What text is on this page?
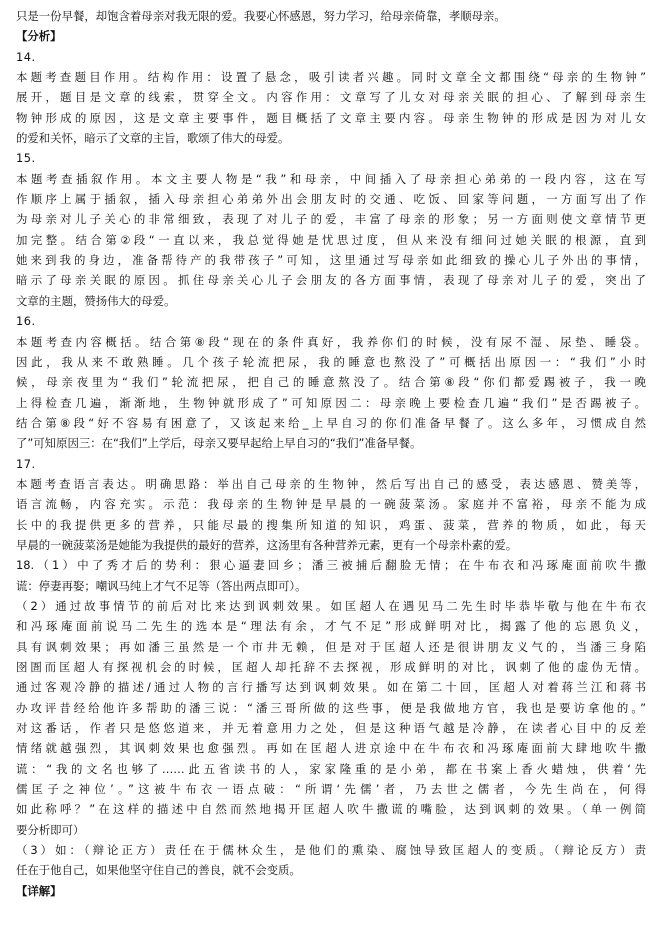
只是一份早餐，却饱含着母亲对我无限的爱。我要心怀感恩，努力学习，给母亲倚靠，孝顺母亲。

【分析】

14.

本题考查题目作用。结构作用：设置了悬念，吸引读者兴趣。同时文章全文都围绕“母亲的生物钟”

展开，题目是文章的线索，贯穿全文。内容作用：文章写了儿女对母亲关眠的担心、了解到母亲生

物钟形成的原因，这是文章主要事件，题目概括了文章主要内容。母亲生物钟的形成是因为对儿女

的爱和关怀，暗示了文章的主旨，歌颂了伟大的母爱。

15.

本题考查插叙作用。本文主要人物是“我”和母亲，中间插入了母亲担心弟弟的一段内容，这在写

作顺序上属于插叙，插入母亲担心弟弟外出会朋友时的交通、吃饭、回家等问题，一方面写出了作

为母亲对儿子关心的非常细致，表现了对儿子的爱，丰富了母亲的形象；另一方面则使文章情节更

加完整。结合第②段“一直以来，我总觉得她是忧思过度，但从来没有细问过她关眠的根源，直到

她来到我的身边，准备帮待产的我带孩子”可知，这里通过写母亲如此细致的操心儿子外出的事情，

暗示了母亲关眠的原因。抓住母亲关心儿子会朋友的各方面事情，表现了母亲对儿子的爱，突出了

文章的主题，赞扬伟大的母爱。

16.

本题考查内容概括。结合第⑧段“现在的条件真好，我养你们的时候，没有尿不湿、尿垫、睡袋。

因此，我从来不敢熟睡。几个孩子轮流把尿，我的睡意也熬没了”可概括出原因一：“我们”小时

候，母亲夜里为“我们”轮流把尿，把自己的睡意熬没了。结合第⑧段“你们都爱踢被子，我一晚

上得检查几遍，渐渐地，生物钟就形成了”可知原因二：母亲晚上要检查几遍“我们”是否踢被子。

结合第⑧段“好不容易有困意了，又该起来给_上早自习的你们准备早餐了。这么多年，习惯成自然

了”可知原因三：在“我们”上学后，母亲又要早起给上早自习的“我们”准备早餐。

17.

本题考查语言表达。明确思路：举出自己母亲的生物钟，然后写出自己的感受，表达感恩、赞美等，

语言流畅，内容充实。示范：我母亲的生物钟是早晨的一碗菠菜汤。家庭并不富裕，母亲不能为成

长中的我提供更多的营养，只能尽最的搜集所知道的知识，鸡蛋、菠菜，营养的物质，如此，每天

早晨的一碗菠菜汤是她能为我提供的最好的营养，这汤里有各种营养元素，更有一个母亲朴素的爱。

18.（1）中了秀才后的势利：狠心逼妻回乡；潘三被捕后翻脸无情；在牛布衣和冯琢庵面前吹牛撒

谎：停妻再娶；嘲讽马纯上才气不足等（答出两点即可）。

（2）通过故事情节的前后对比来达到讽刺效果。如匡超人在遇见马二先生时毕恭毕敬与他在牛布衣

和冯琢庵面前说马二先生的选本是“理法有余，才气不足”形成鲜明对比，揭露了他的忘恩负义，

具有讽刺效果；再如潘三虽然是一个市井无赖，但是对于匡超人还是很讲朋友义气的，当潘三身陷

囹圄而匡超人有探视机会的时候，匡超人却托辞不去探视，形成鲜明的对比，讽刺了他的虚伪无情。

通过客观冷静的描述/通过人物的言行播写达到讽刺效果。如在第二十回，匡超人对着蒋兰江和蒋书

办攻评昔经给他许多帮助的潘三说：“潘三哥所做的这些事，便是我做地方官，我也是要访拿他的。”

对这番话，作者只是悠悠道来，并无着意用力之处，但是这种语气越是冷静，在读者心目中的反差

情绪就越强烈，其讽刺效果也愈强烈。再如在匡超人进京途中在牛布衣和冯琢庵面前大肆地吹牛撒

谎：“我的文名也够了……此五省读书的人，家家隆重的是小弟，都在书案上香火蜡烛，供着‘先

儒匡子之神位’。”这被牛布衣一语点破：“所谓‘先儒’者，乃去世之儒者，今先生尚在，何得

如此称呼？”在这样的描述中自然而然地揭开匡超人吹牛撒谎的嘴脸，达到讽刺的效果。（单一例简

要分析即可）

（3）如：（辩论正方）责任在于儒林众生，是他们的熏染、腐蚀导致匡超人的变质。（辩论反方）责

任在于他自己，如果他坚守住自己的善良，就不会变质。

【详解】
